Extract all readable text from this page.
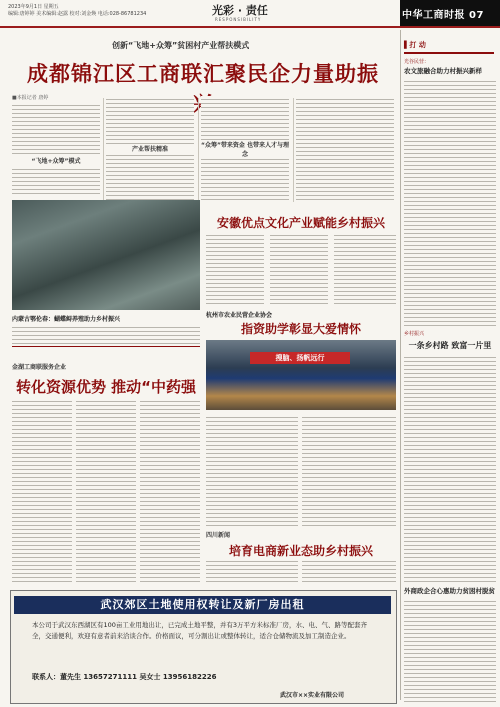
2023年9月1日 星期五
编辑:唐婷婷 美术编辑:赵露 校对:刘金焕 电话:028-86781234	光彩 · 责任
RESPONSIBILITY	中华工商时报 07
创新“飞地+众筹”贫困村产业帮扶模式
成都锦江区工商联汇聚民企力量助振
■本报记者 唐婷
“飞地+众筹”模式
产业帮扶精准
“众筹”带来资金 也带来人才与理念
内蒙古鄂伦春：蝴蝶鲟养殖助力乡村振兴
安徽优点文化产业赋能乡村振兴
杭州市农业民营企业协会
指资助学彰显大爱情怀
搜脑、扬帆远行
金湖工商联服务企业
转化资源优势 推动“中药强
四川新闻
培育电商新业态助乡村振兴
武汉郊区土地使用权转让及新厂房出租
本公司于武汉东西湖区有100亩工业用地出让，已完成土地平整，并有3万平方米标准厂房，水、电、气、路等配套齐全，交通便利，欢迎有意者前来洽谈合作。价格面议，可分割出让或整体转让，适合仓储物流及加工制造企业。
联系人：董先生 13657271111 吴女士 13956182226
武汉市××实业有限公司
▌打 动
光谷民营：
农文旅融合助力村振兴新样
乡村振兴
一条乡村路 致富一片里
外商政企合心惠助力贫困村脱贫
